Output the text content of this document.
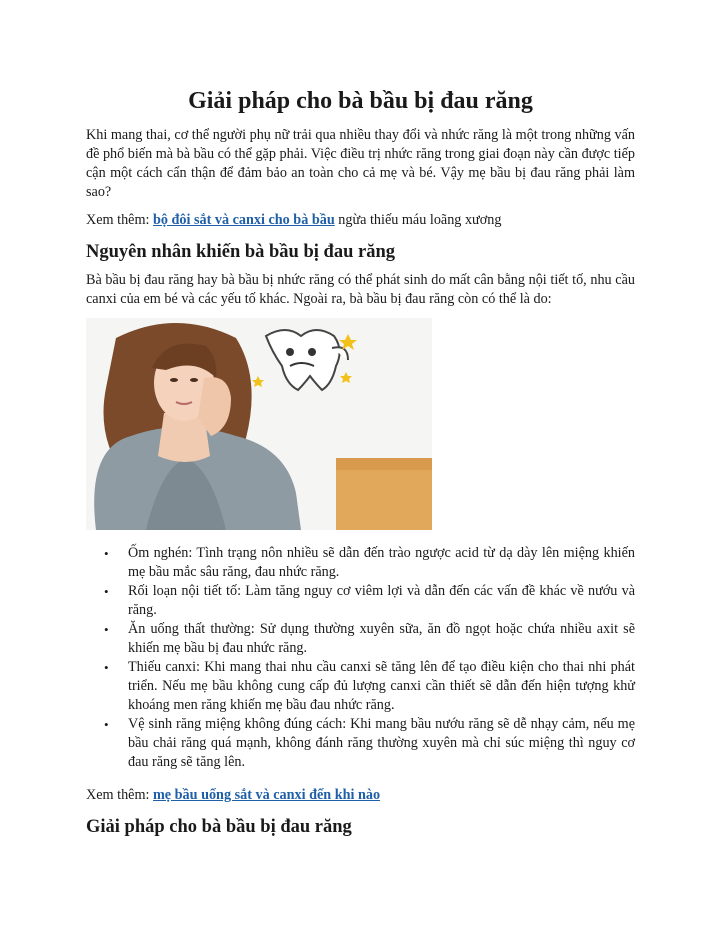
Giải pháp cho bà bầu bị đau răng

Khi mang thai, cơ thể người phụ nữ trải qua nhiều thay đổi và nhức răng là một trong những vấn đề phổ biến mà bà bầu có thể gặp phải. Việc điều trị nhức răng trong giai đoạn này cần được tiếp cận một cách cẩn thận để đảm bảo an toàn cho cả mẹ và bé. Vậy mẹ bầu bị đau răng phải làm sao?

Xem thêm: bộ đôi sắt và canxi cho bà bầu ngừa thiếu máu loãng xương

Nguyên nhân khiến bà bầu bị đau răng

Bà bầu bị đau răng hay bà bầu bị nhức răng có thể phát sinh do mất cân bằng nội tiết tố, nhu cầu canxi của em bé và các yếu tố khác. Ngoài ra, bà bầu bị đau răng còn có thể là do:

• Ốm nghén: Tình trạng nôn nhiều sẽ dẫn đến trào ngược acid từ dạ dày lên miệng khiến mẹ bầu mắc sâu răng, đau nhức răng.
• Rối loạn nội tiết tố: Làm tăng nguy cơ viêm lợi và dẫn đến các vấn đề khác về nướu và răng.
• Ăn uống thất thường: Sử dụng thường xuyên sữa, ăn đồ ngọt hoặc chứa nhiều axit sẽ khiến mẹ bầu bị đau nhức răng.
• Thiếu canxi: Khi mang thai nhu cầu canxi sẽ tăng lên để tạo điều kiện cho thai nhi phát triển. Nếu mẹ bầu không cung cấp đủ lượng canxi cần thiết sẽ dẫn đến hiện tượng khử khoáng men răng khiến mẹ bầu đau nhức răng.
• Vệ sinh răng miệng không đúng cách: Khi mang bầu nướu răng sẽ dễ nhạy cảm, nếu mẹ bầu chải răng quá mạnh, không đánh răng thường xuyên mà chỉ súc miệng thì nguy cơ đau răng sẽ tăng lên.

Xem thêm: mẹ bầu uống sắt và canxi đến khi nào

Giải pháp cho bà bầu bị đau răng
